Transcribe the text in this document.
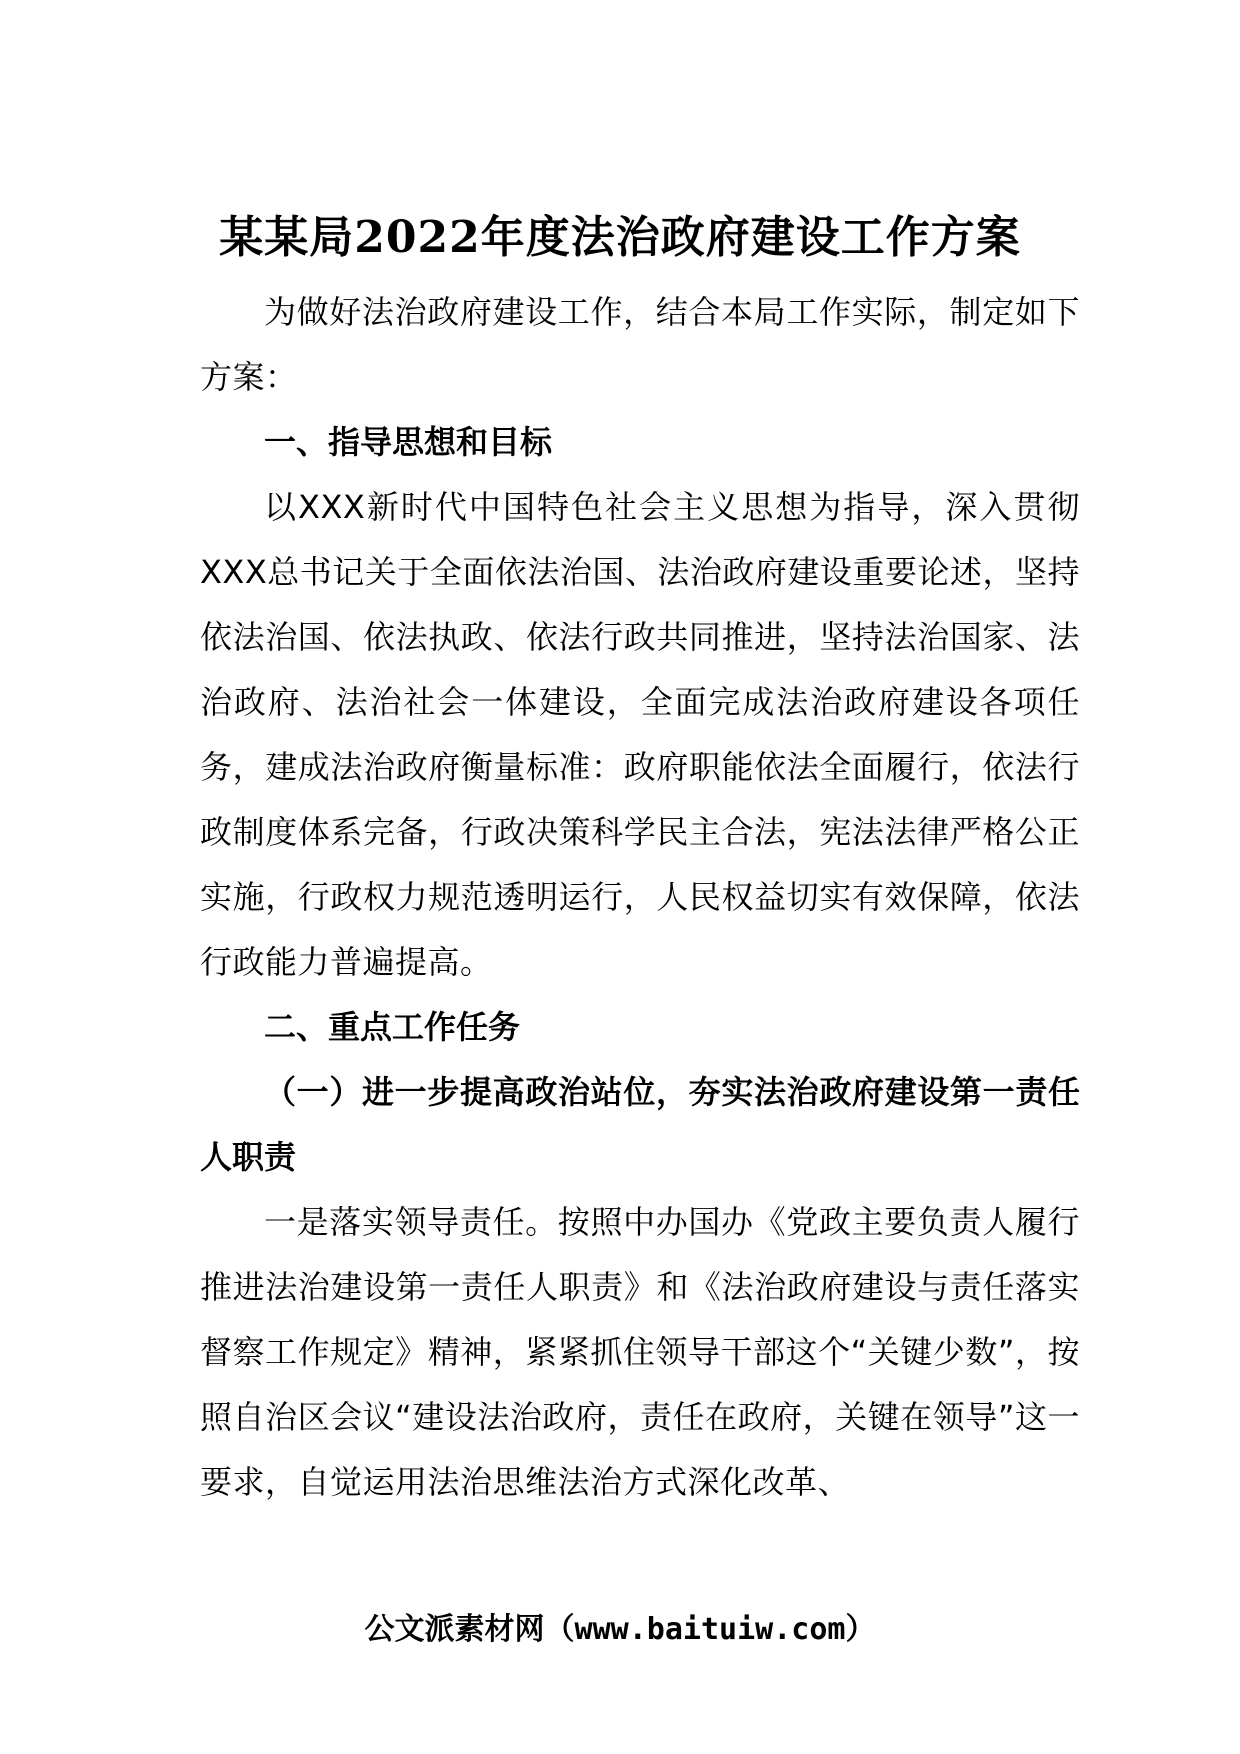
某某局2022年度法治政府建设工作方案

为做好法治政府建设工作，结合本局工作实际，制定如下方案：

一、指导思想和目标

以XXX新时代中国特色社会主义思想为指导，深入贯彻XXX总书记关于全面依法治国、法治政府建设重要论述，坚持依法治国、依法执政、依法行政共同推进，坚持法治国家、法治政府、法治社会一体建设，全面完成法治政府建设各项任务，建成法治政府衡量标准：政府职能依法全面履行，依法行政制度体系完备，行政决策科学民主合法，宪法法律严格公正实施，行政权力规范透明运行，人民权益切实有效保障，依法行政能力普遍提高。

二、重点工作任务

（一）进一步提高政治站位，夯实法治政府建设第一责任人职责

一是落实领导责任。按照中办国办《党政主要负责人履行推进法治建设第一责任人职责》和《法治政府建设与责任落实督察工作规定》精神，紧紧抓住领导干部这个“关键少数”，按照自治区会议“建设法治政府，责任在政府，关键在领导”这一要求，自觉运用法治思维法治方式深化改革、

公文派素材网（www.baituiw.com）
